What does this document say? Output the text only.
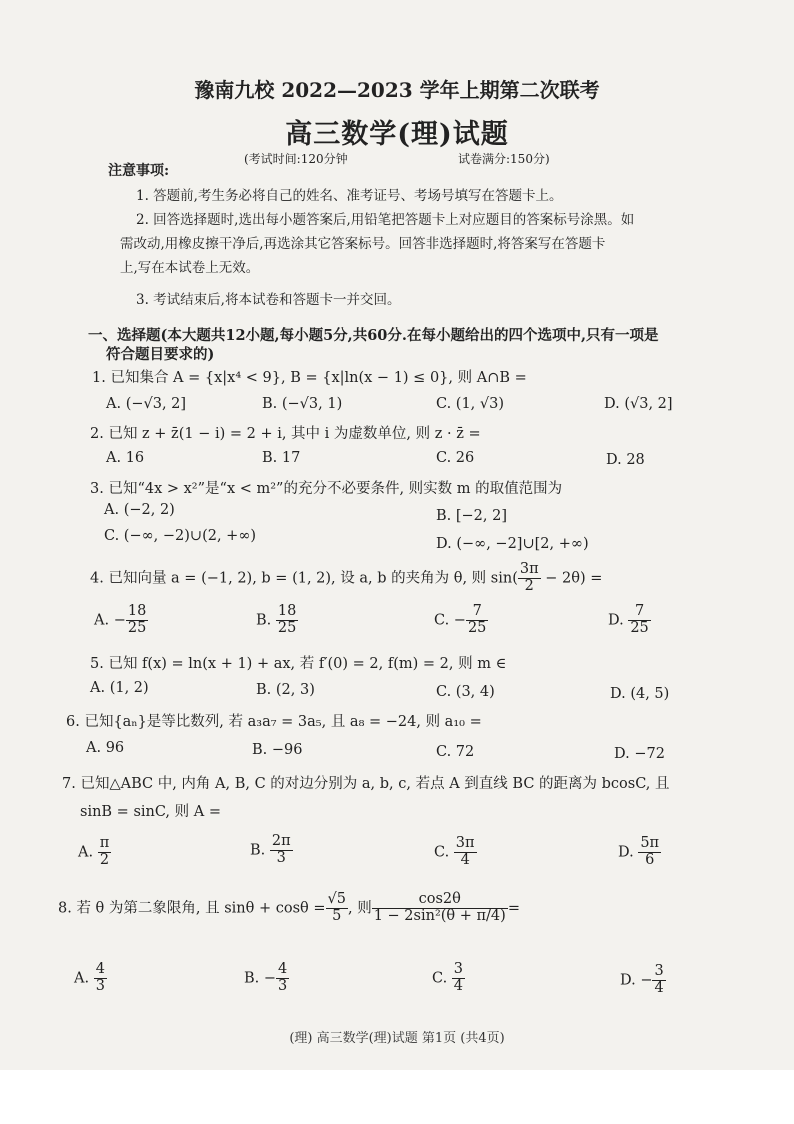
豫南九校 2022—2023 学年上期第二次联考
高三数学(理)试题
(考试时间:120分钟	试卷满分:150分)
注意事项:
1. 答题前,考生务必将自己的姓名、准考证号、考场号填写在答题卡上。
2. 回答选择题时,选出每小题答案后,用铅笔把答题卡上对应题目的答案标号涂黑。如
需改动,用橡皮擦干净后,再选涂其它答案标号。回答非选择题时,将答案写在答题卡
上,写在本试卷上无效。
3. 考试结束后,将本试卷和答题卡一并交回。
一、选择题(本大题共12小题,每小题5分,共60分.在每小题给出的四个选项中,只有一项是
符合题目要求的)
1. 已知集合 A = {x|x⁴ < 9}, B = {x|ln(x − 1) ≤ 0}, 则 A∩B =
A. (−√3, 2]	B. (−√3, 1)	C. (1, √3)	D. (√3, 2]
2. 已知 z + z̄(1 − i) = 2 + i, 其中 i 为虚数单位, 则 z · z̄ =
A. 16	B. 17	C. 26	D. 28
3. 已知“4x > x²”是“x < m²”的充分不必要条件, 则实数 m 的取值范围为
A. (−2, 2)	B. [−2, 2]
C. (−∞, −2)∪(2, +∞)	D. (−∞, −2]∪[2, +∞)
4. 已知向量 a = (−1, 2), b = (1, 2), 设 a, b 的夹角为 θ, 则 $\sin( \frac{3\pi}{2} - 2\theta)$ =
A. − $\frac{18}{25}$	B. $\frac{18}{25}$	C. − $\frac{7}{25}$	D. $\frac{7}{25}$
5. 已知 f(x) = ln(x + 1) + ax, 若 f′(0) = 2, f(m) = 2, 则 m ∈
A. (1, 2)	B. (2, 3)	C. (3, 4)	D. (4, 5)
6. 已知{aₙ}是等比数列, 若 a₃a₇ = 3a₅, 且 a₈ = −24, 则 a₁₀ =
A. 96	B. −96	C. 72	D. −72
7. 已知△ABC 中, 内角 A, B, C 的对边分别为 a, b, c, 若点 A 到直线 BC 的距离为 bcosC, 且
sinB = sinC, 则 A =
A. $\frac{\pi}{2}$	B. $\frac{2\pi}{3}$	C. $\frac{3\pi}{4}$	D. $\frac{5\pi}{6}$
8. 若 θ 为第二象限角, 且 $\sin\theta + \cos\theta = \frac{√5}{5}$ , 则 $\frac{\cos 2\theta}{\text{1 − 2sin²(θ + π/4)}}$ =
A. $\frac{4}{3}$	B. − $\frac{4}{3}$	C. $\frac{3}{4}$	D. − $\frac{3}{4}$
(理) 高三数学(理)试题 第1页 (共4页)
